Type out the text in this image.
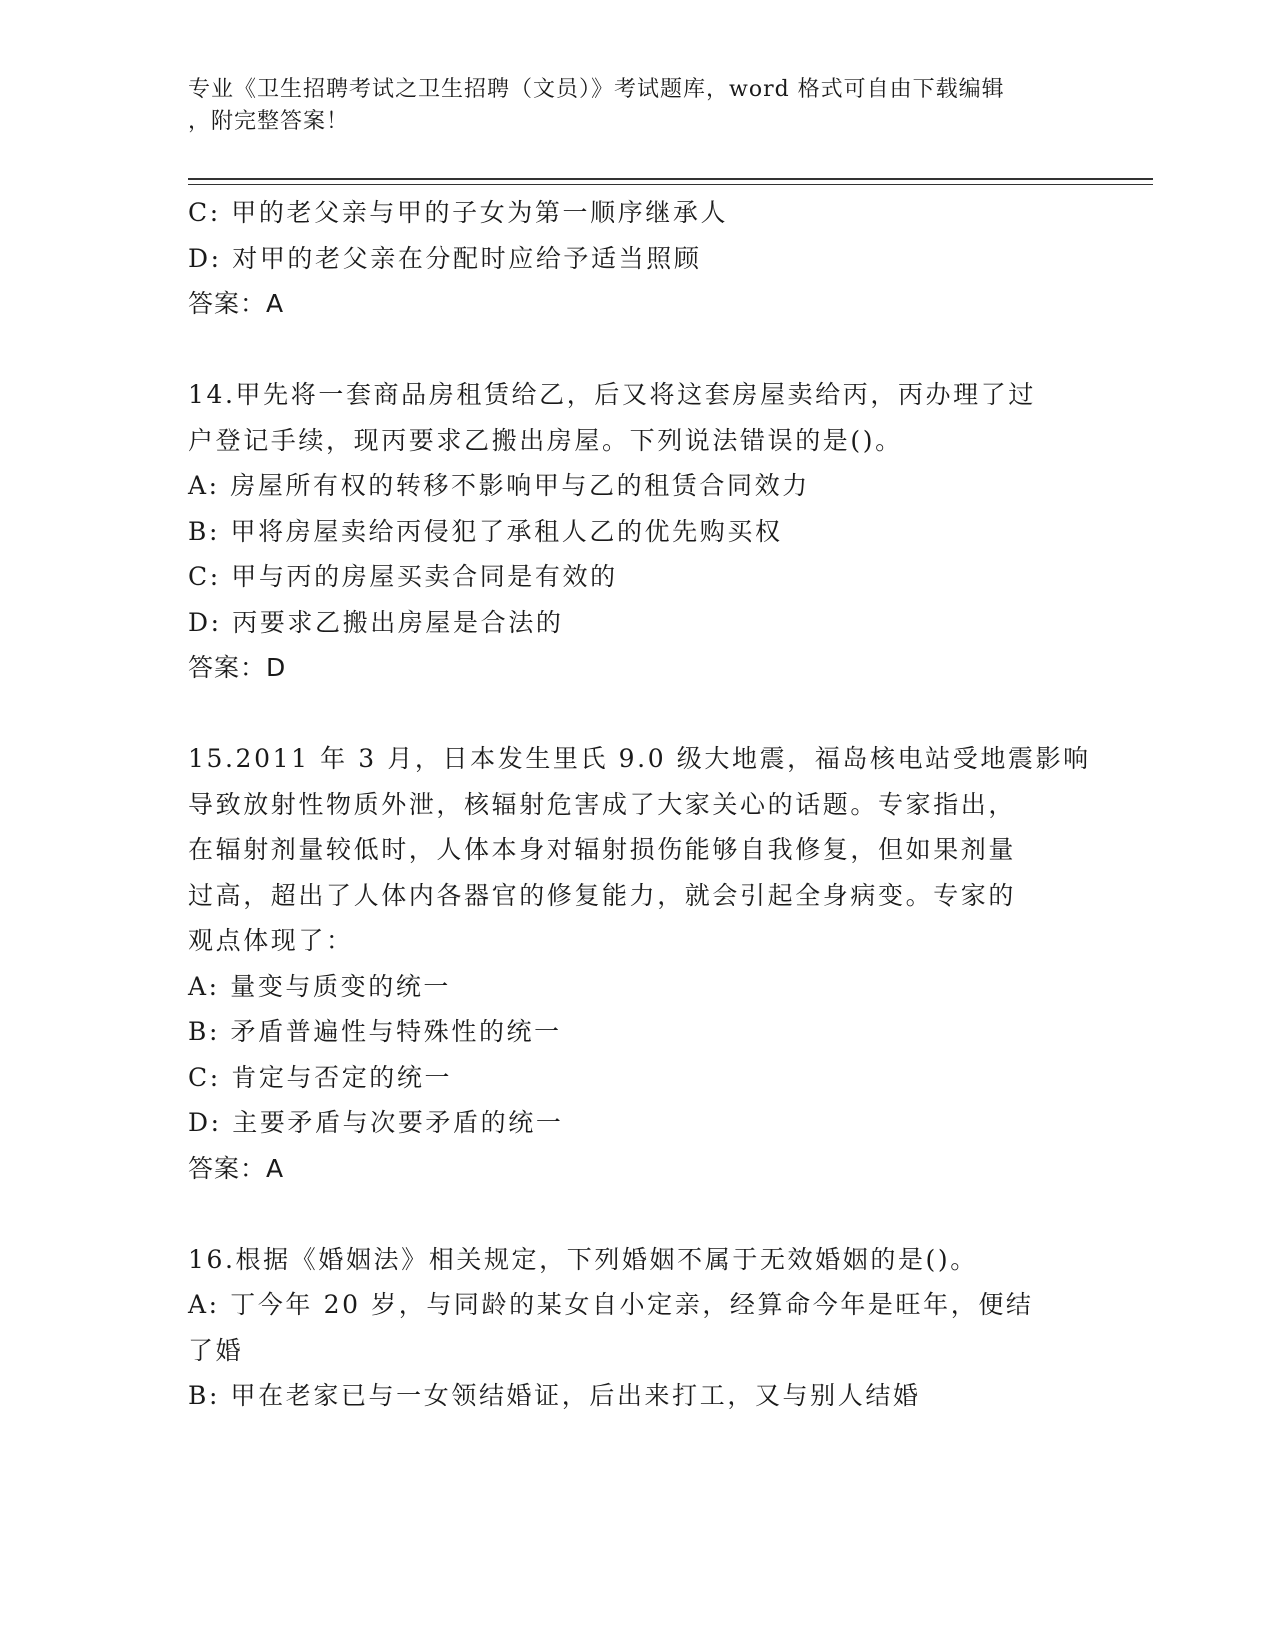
专业《卫生招聘考试之卫生招聘（文员）》考试题库，word 格式可自由下载编辑

，附完整答案！

C: 甲的老父亲与甲的子女为第一顺序继承人

D: 对甲的老父亲在分配时应给予适当照顾

答案：A

14.甲先将一套商品房租赁给乙，后又将这套房屋卖给丙，丙办理了过

户登记手续，现丙要求乙搬出房屋。下列说法错误的是()。

A: 房屋所有权的转移不影响甲与乙的租赁合同效力

B: 甲将房屋卖给丙侵犯了承租人乙的优先购买权

C: 甲与丙的房屋买卖合同是有效的

D: 丙要求乙搬出房屋是合法的

答案：D

15.2011 年 3 月，日本发生里氏 9.0 级大地震，福岛核电站受地震影响

导致放射性物质外泄，核辐射危害成了大家关心的话题。专家指出，

在辐射剂量较低时，人体本身对辐射损伤能够自我修复，但如果剂量

过高，超出了人体内各器官的修复能力，就会引起全身病变。专家的

观点体现了：

A: 量变与质变的统一

B: 矛盾普遍性与特殊性的统一

C: 肯定与否定的统一

D: 主要矛盾与次要矛盾的统一

答案：A

16.根据《婚姻法》相关规定，下列婚姻不属于无效婚姻的是()。

A: 丁今年 20 岁，与同龄的某女自小定亲，经算命今年是旺年，便结

了婚

B: 甲在老家已与一女领结婚证，后出来打工，又与别人结婚
